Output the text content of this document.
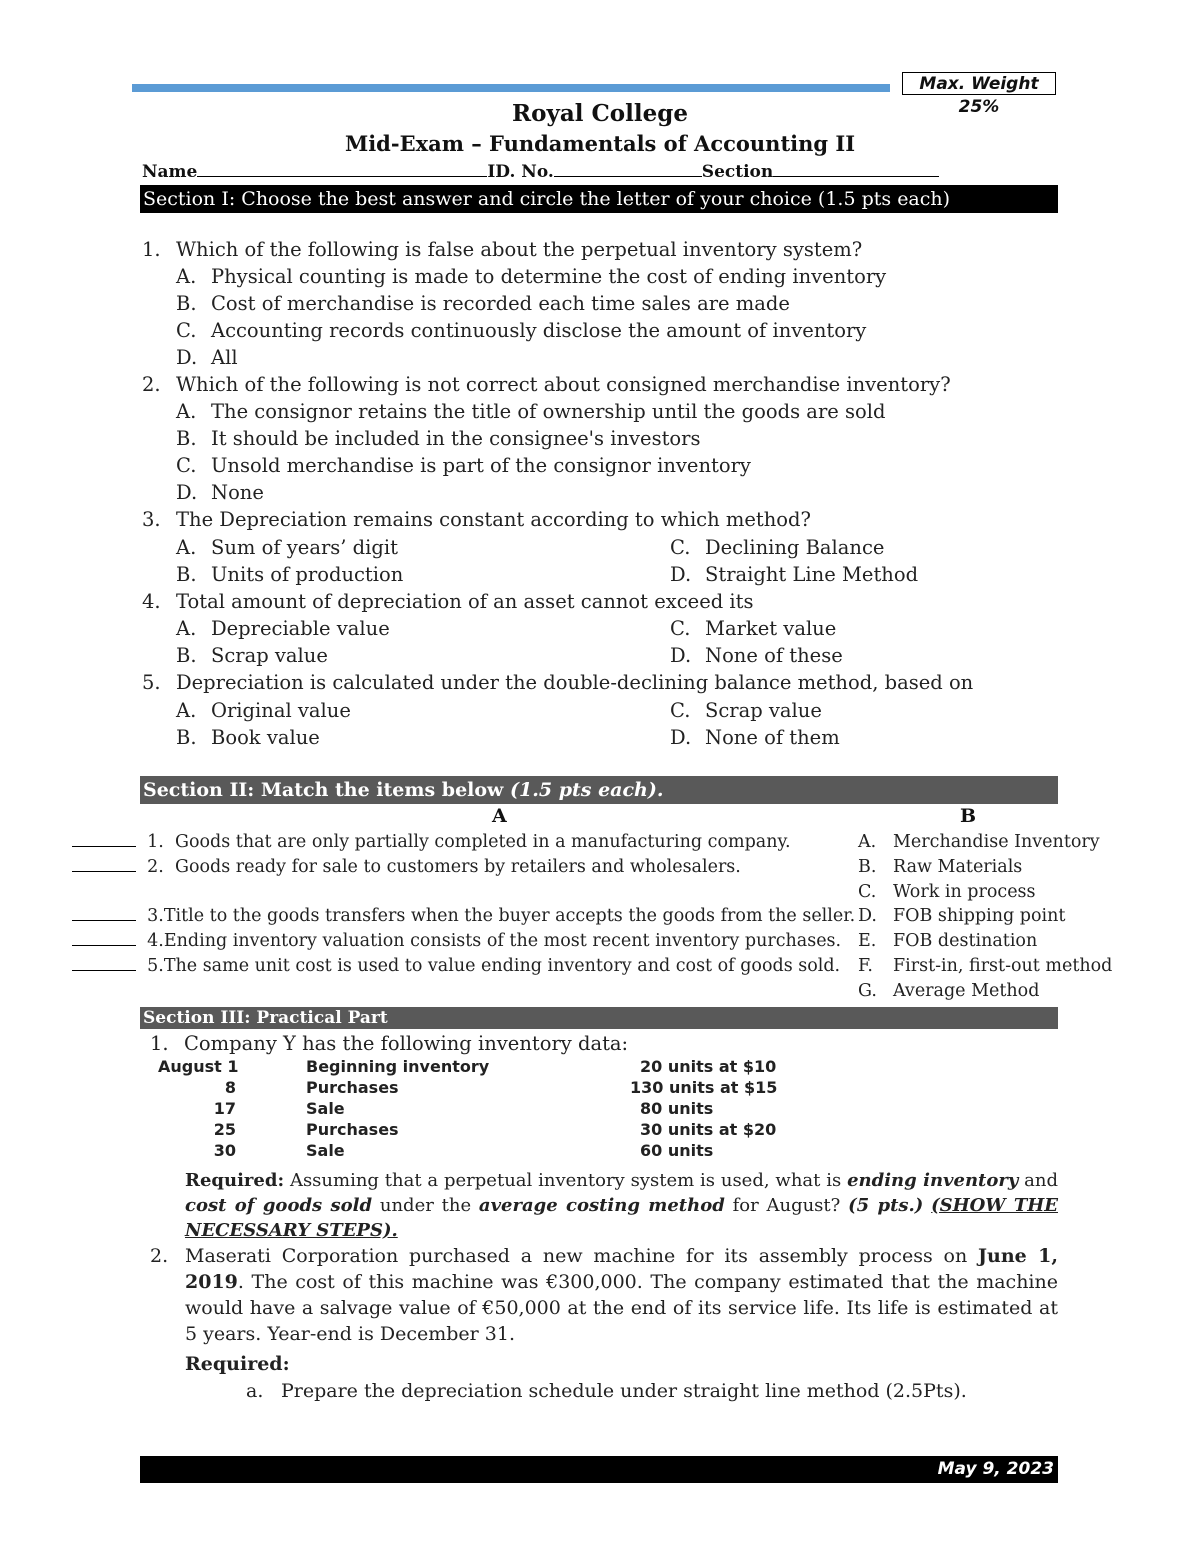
Max. Weight 25%
Royal College
Mid-Exam – Fundamentals of Accounting II
Name	ID. No.	Section
Section I: Choose the best answer and circle the letter of your choice (1.5 pts each)
1. Which of the following is false about the perpetual inventory system?
A. Physical counting is made to determine the cost of ending inventory
B. Cost of merchandise is recorded each time sales are made
C. Accounting records continuously disclose the amount of inventory
D. All
2. Which of the following is not correct about consigned merchandise inventory?
A. The consignor retains the title of ownership until the goods are sold
B. It should be included in the consignee's investors
C. Unsold merchandise is part of the consignor inventory
D. None
3. The Depreciation remains constant according to which method?
A. Sum of years’ digit
B. Units of production
C. Declining Balance
D. Straight Line Method
4. Total amount of depreciation of an asset cannot exceed its
A. Depreciable value
B. Scrap value
C. Market value
D. None of these
5. Depreciation is calculated under the double-declining balance method, based on
A. Original value
B. Book value
C. Scrap value
D. None of them
Section II: Match the items below (1.5 pts each).
A	B
1. Goods that are only partially completed in a manufacturing company.
2. Goods ready for sale to customers by retailers and wholesalers.
3.Title to the goods transfers when the buyer accepts the goods from the seller.
4.Ending inventory valuation consists of the most recent inventory purchases.
5.The same unit cost is used to value ending inventory and cost of goods sold.
A. Merchandise Inventory
B. Raw Materials
C. Work in process
D. FOB shipping point
E. FOB destination
F. First-in, first-out method
G. Average Method
Section III: Practical Part
1. Company Y has the following inventory data:
August 1	Beginning inventory	20 units at $10
8	Purchases	130 units at $15
17	Sale	80 units
25	Purchases	30 units at $20
30	Sale	60 units
Required: Assuming that a perpetual inventory system is used, what is ending inventory and cost of goods sold under the average costing method for August? (5 pts.) (SHOW THE NECESSARY STEPS).
2. Maserati Corporation purchased a new machine for its assembly process on June 1, 2019. The cost of this machine was €300,000. The company estimated that the machine would have a salvage value of €50,000 at the end of its service life. Its life is estimated at 5 years. Year-end is December 31.
Required:
a. Prepare the depreciation schedule under straight line method (2.5Pts).
May 9, 2023
